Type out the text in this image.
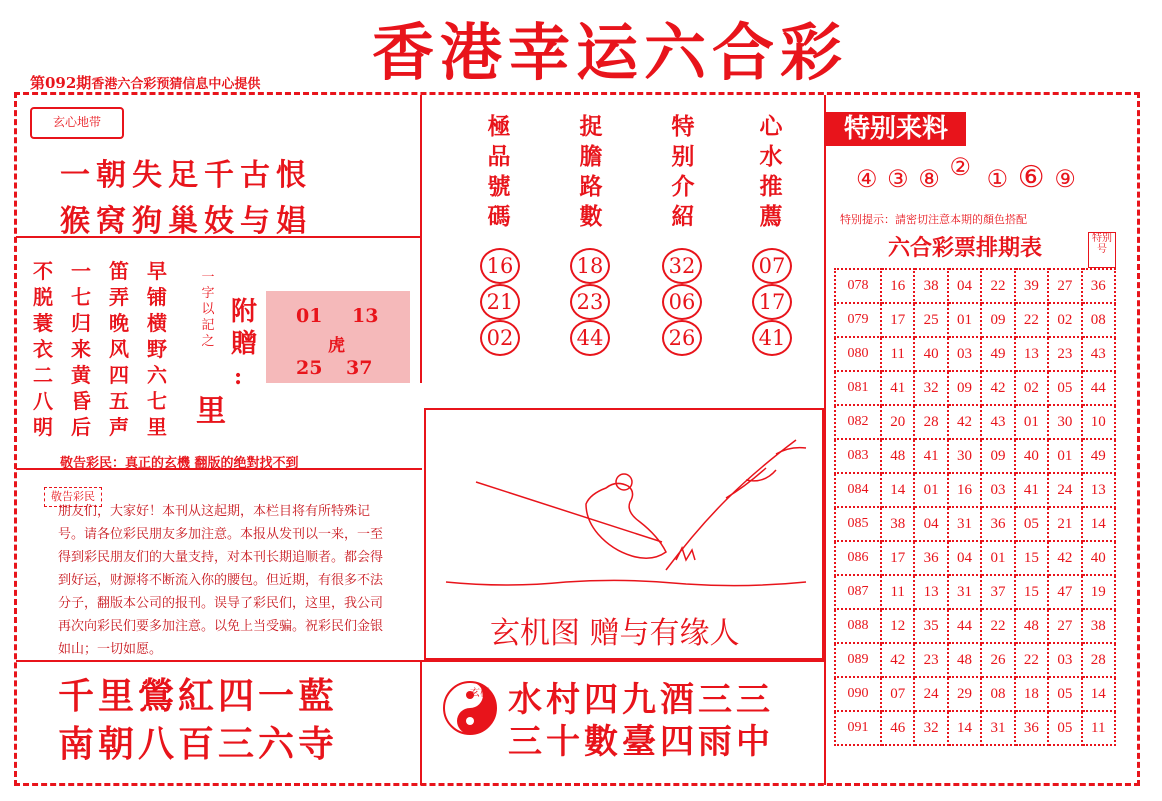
香港幸运六合彩
第092期香港六合彩预猜信息中心提供
玄心地带
一朝失足千古恨
猴窝狗巢妓与娼
早铺横野六七里
笛弄晚风四五声
一七归来黄昏后
不脱蓑衣二八明
一字以記之
附贈
:
里
01 13
虎
25 37
敬告彩民：真正的玄機 翻版的绝對找不到
敬告彩民
朋友们，大家好！本刊从这起期，本栏目将有所特殊记号。请各位彩民朋友多加注意。本报从发刊以一来，一至得到彩民朋友们的大量支持，对本刊长期追顺者。都会得到好运，财源将不断流入你的腰包。但近期，有很多不法分子，翻版本公司的报刊。误导了彩民们，这里，我公司再次向彩民们要多加注意。以免上当受骗。祝彩民们金银如山；一切如愿。
千里鶯紅四一藍
南朝八百三六寺
極品號碼
捉膽路數
特别介紹
心水推薦
16
21
02
18
23
44
32
06
26
07
17
41
特别来料
④ ③ ⑧ ② ① ⑥ ⑨
特别提示：請密切注意本期的顏色搭配
玄机图 赠与有缘人
玄機 水村四九酒三三
三十數臺四雨中
六合彩票排期表	特别号
078	16	38	04	22	39	27	36
079	17	25	01	09	22	02	08
080	11	40	03	49	13	23	43
081	41	32	09	42	02	05	44
082	20	28	42	43	01	30	10
083	48	41	30	09	40	01	49
084	14	01	16	03	41	24	13
085	38	04	31	36	05	21	14
086	17	36	04	01	15	42	40
087	11	13	31	37	15	47	19
088	12	35	44	22	48	27	38
089	42	23	48	26	22	03	28
090	07	24	29	08	18	05	14
091	46	32	14	31	36	05	11
